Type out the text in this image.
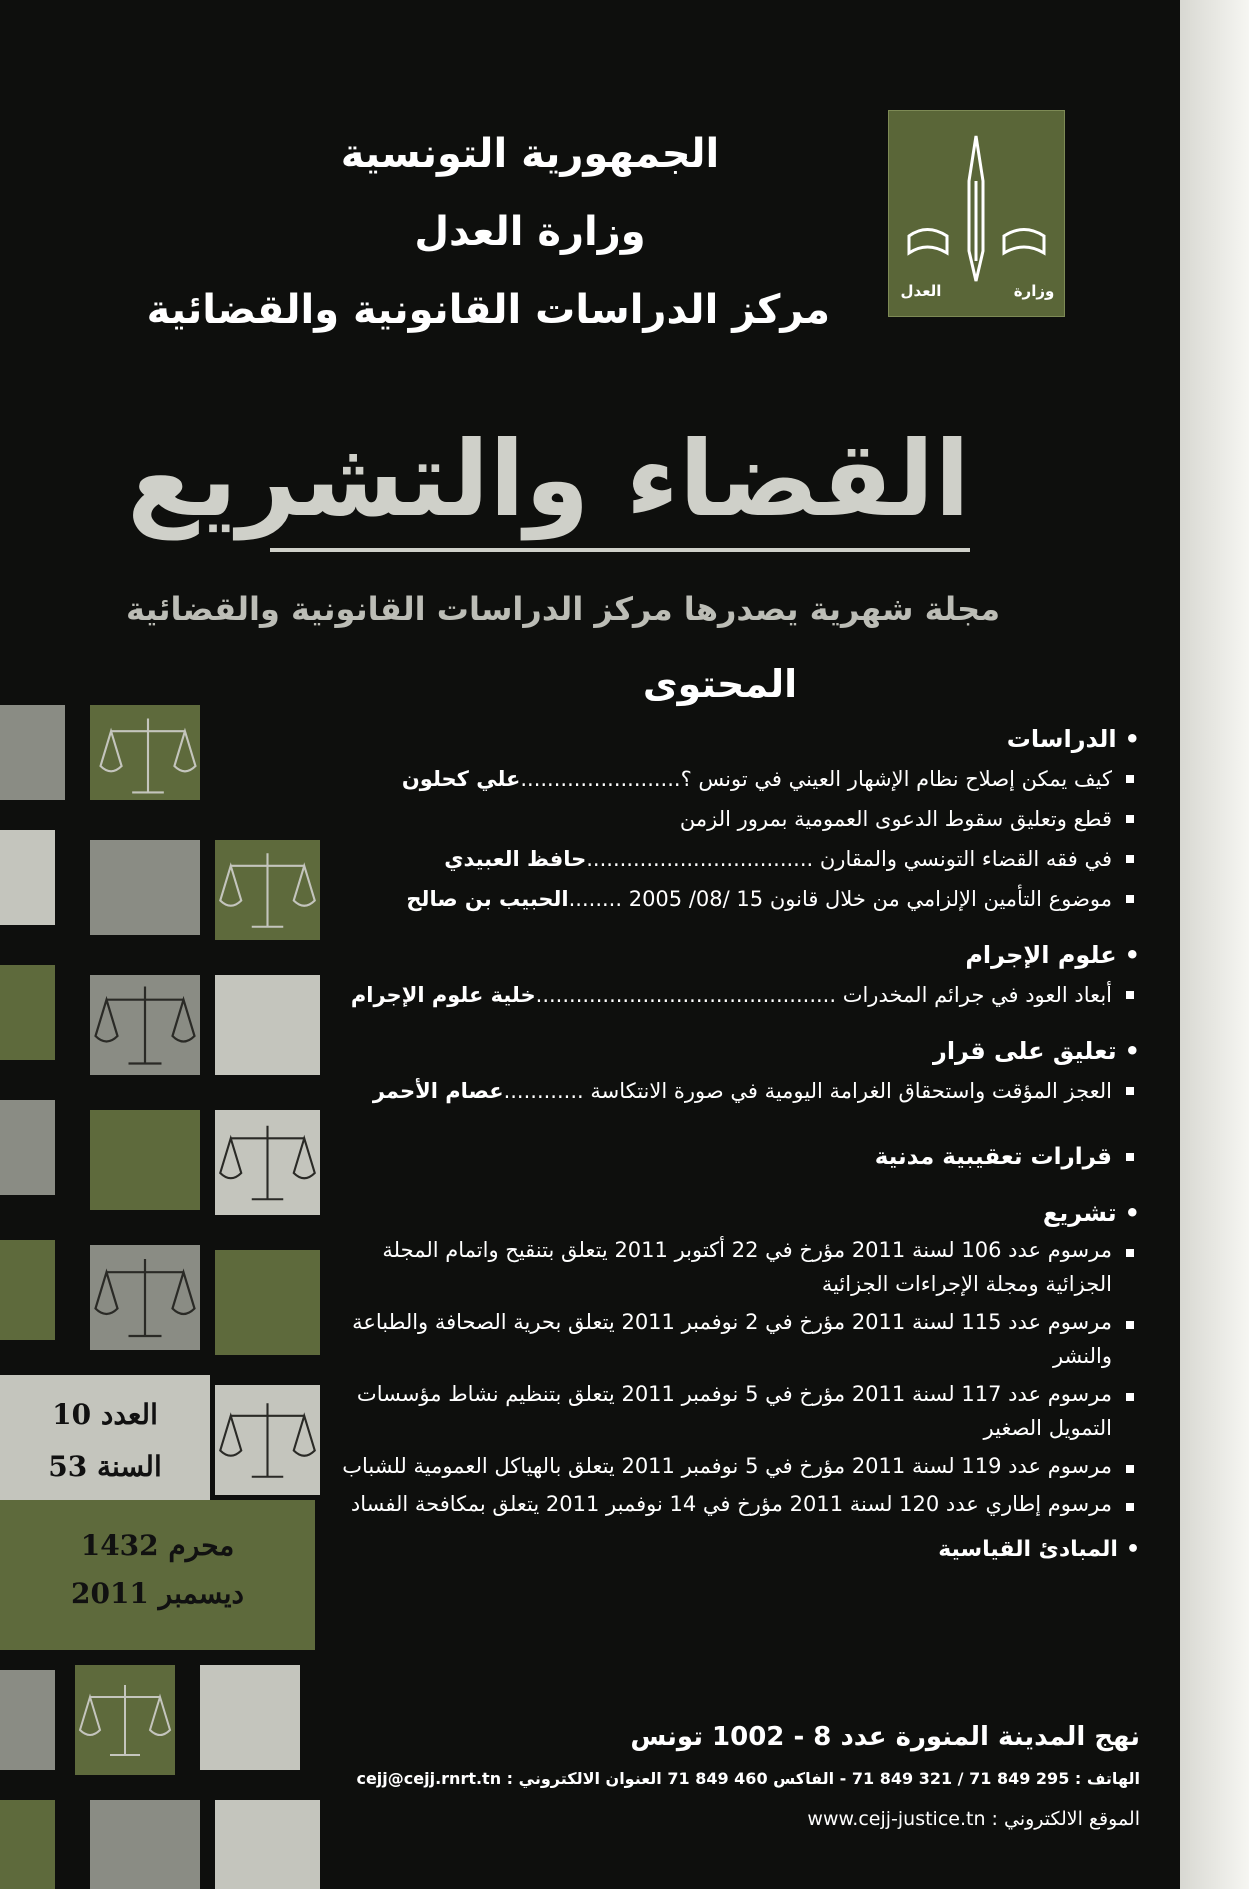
الجمهورية التونسية
وزارة العدل
مركز الدراسات القانونية والقضائية	وزارة
العدل
القضاء والتشريع
مجلة شهرية يصدرها مركز الدراسات القانونية والقضائية
المحتوى
• الدراسات
كيف يمكن إصلاح نظام الإشهار العيني في تونس ؟........................علي كحلون
قطع وتعليق سقوط الدعوى العمومية بمرور الزمن
في فقه القضاء التونسي والمقارن ..................................حافظ العبيدي
موضوع التأمين الإلزامي من خلال قانون 15 /08/ 2005 ........الحبيب بن صالح
• علوم الإجرام
أبعاد العود في جرائم المخدرات .............................................خلية علوم الإجرام
• تعليق على قرار
العجز المؤقت واستحقاق الغرامة اليومية في صورة الانتكاسة ............عصام الأحمر
قرارات تعقيبية مدنية
• تشريع
مرسوم عدد 106 لسنة 2011 مؤرخ في 22 أكتوبر 2011 يتعلق بتنقيح واتمام المجلة الجزائية ومجلة الإجراءات الجزائية
مرسوم عدد 115 لسنة 2011 مؤرخ في 2 نوفمبر 2011 يتعلق بحرية الصحافة والطباعة والنشر
مرسوم عدد 117 لسنة 2011 مؤرخ في 5 نوفمبر 2011 يتعلق بتنظيم نشاط مؤسسات التمويل الصغير
مرسوم عدد 119 لسنة 2011 مؤرخ في 5 نوفمبر 2011 يتعلق بالهياكل العمومية للشباب
مرسوم إطاري عدد 120 لسنة 2011 مؤرخ في 14 نوفمبر 2011 يتعلق بمكافحة الفساد
• المبادئ القياسية
العدد 10
السنة 53
محرم 1432
ديسمبر 2011
نهج المدينة المنورة عدد 8 - 1002 تونس
الهاتف : 295 849 71 / 321 849 71 - الفاكس 460 849 71 العنوان الالكتروني : cejj@cejj.rnrt.tn
الموقع الالكتروني : www.cejj-justice.tn
